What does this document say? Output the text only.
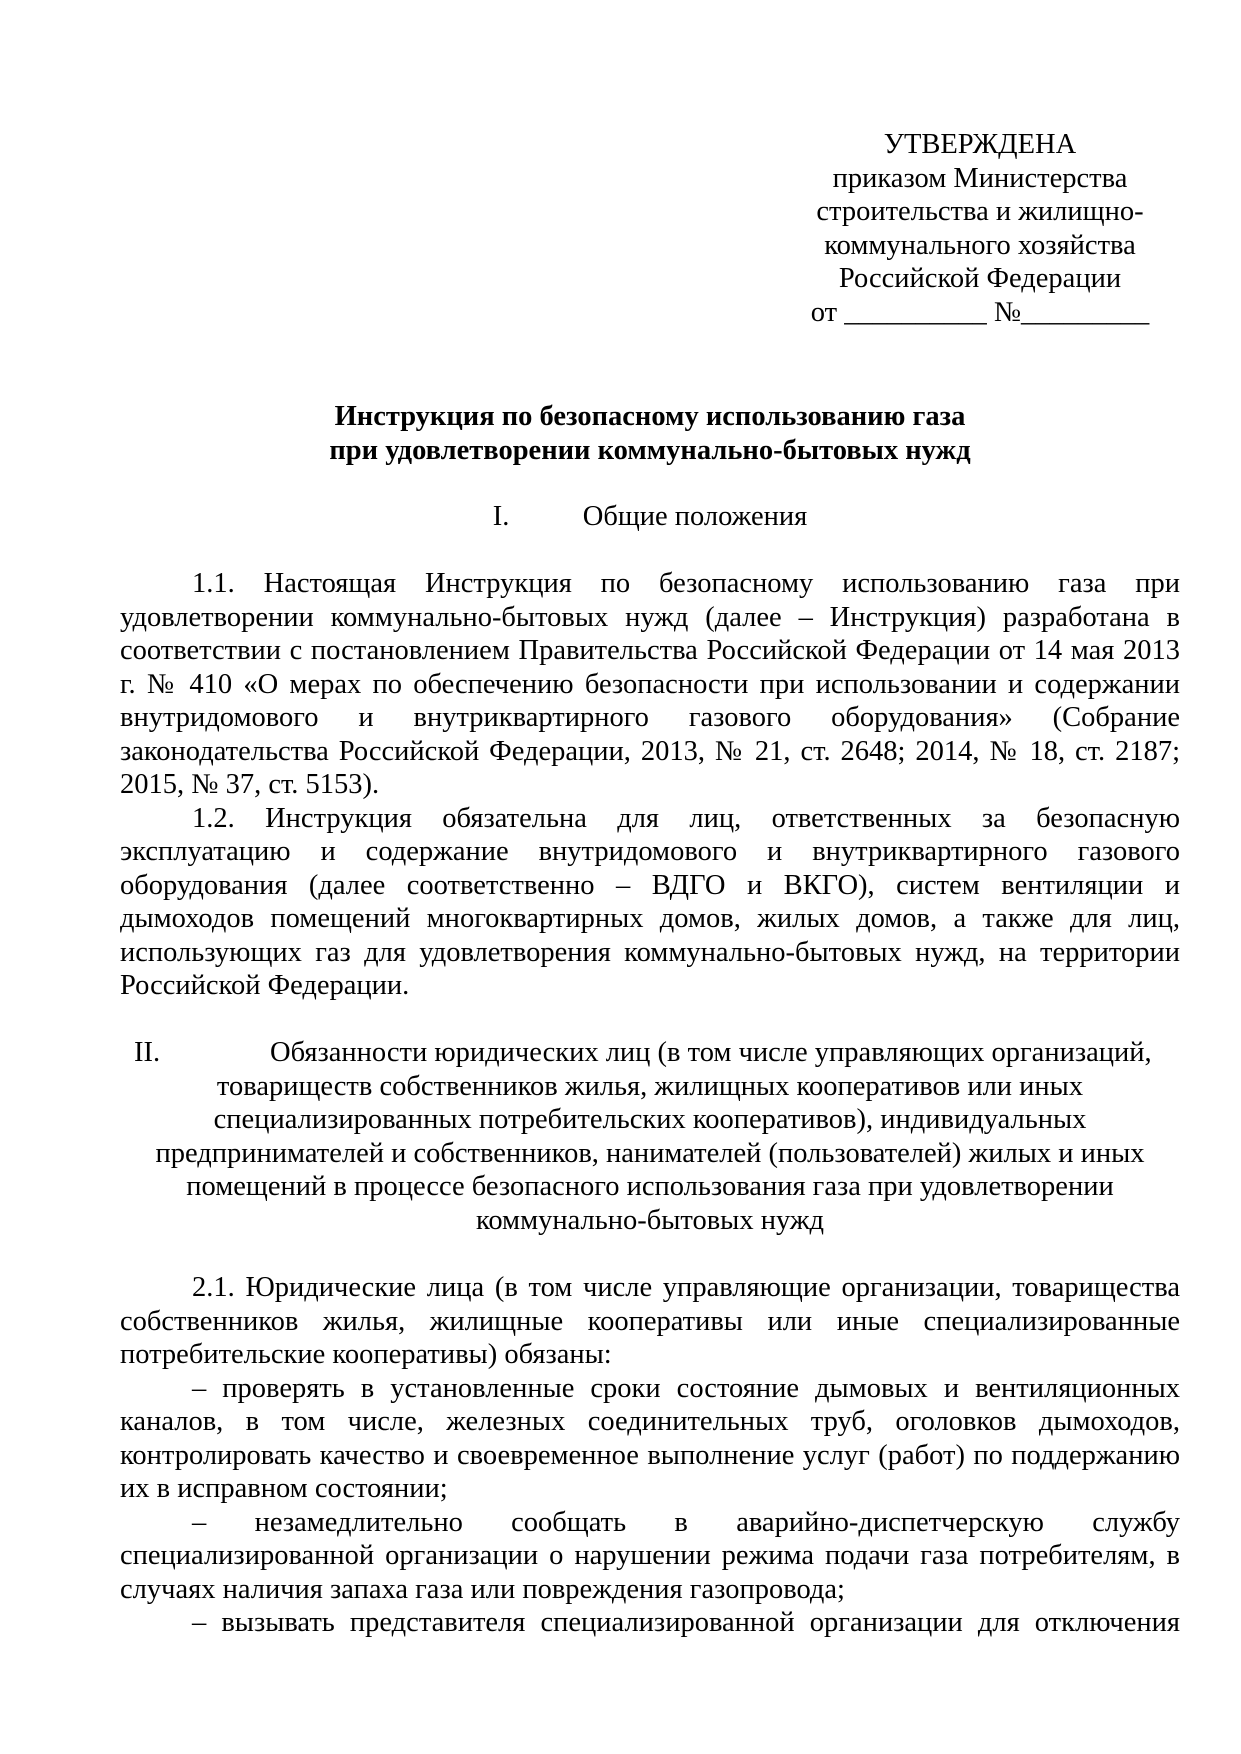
УТВЕРЖДЕНА
приказом Министерства
строительства и жилищно-
коммунального хозяйства
Российской Федерации
от __________ №_________
Инструкция по безопасному использованию газа
при удовлетворении коммунально-бытовых нужд
I.	Общие положения

1.1. Настоящая Инструкция по безопасному использованию газа при удовлетворении коммунально-бытовых нужд (далее – Инструкция) разработана в соответствии с постановлением Правительства Российской Федерации от 14 мая 2013 г. № 410 «О мерах по обеспечению безопасности при использовании и содержании внутридомового и внутриквартирного газового оборудования» (Собрание законодательства Российской Федерации, 2013, № 21, ст. 2648; 2014, № 18, ст. 2187; 2015, № 37, ст. 5153).

1.2. Инструкция обязательна для лиц, ответственных за безопасную эксплуатацию и содержание внутридомового и внутриквартирного газового оборудования (далее соответственно – ВДГО и ВКГО), систем вентиляции и дымоходов помещений многоквартирных домов, жилых домов, а также для лиц, использующих газ для удовлетворения коммунально-бытовых нужд, на территории Российской Федерации.

II.	Обязанности юридических лиц (в том числе управляющих организаций,
товариществ собственников жилья, жилищных кооперативов или иных
специализированных потребительских кооперативов), индивидуальных
предпринимателей и собственников, нанимателей (пользователей) жилых и иных
помещений в процессе безопасного использования газа при удовлетворении
коммунально-бытовых нужд

2.1. Юридические лица (в том числе управляющие организации, товарищества собственников жилья, жилищные кооперативы или иные специализированные потребительские кооперативы) обязаны:

– проверять в установленные сроки состояние дымовых и вентиляционных каналов, в том числе, железных соединительных труб, оголовков дымоходов, контролировать качество и своевременное выполнение услуг (работ) по поддержанию их в исправном состоянии;

– незамедлительно сообщать в аварийно-диспетчерскую службу специализированной организации о нарушении режима подачи газа потребителям, в случаях наличия запаха газа или повреждения газопровода;

– вызывать представителя специализированной организации для отключения
